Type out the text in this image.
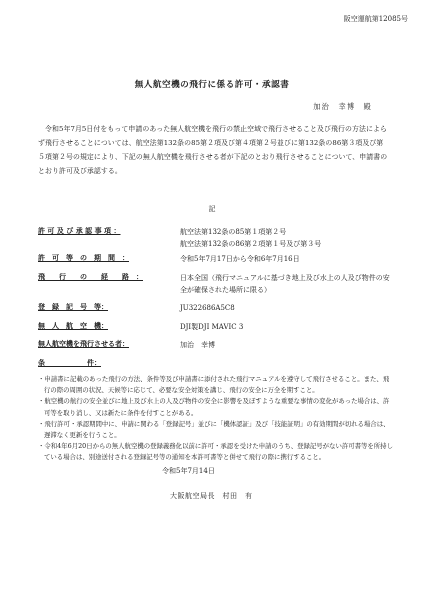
阪空運航第12085号
無人航空機の飛行に係る許可・承認書
加治　幸博　殿
令和5年7月5日付をもって申請のあった無人航空機を飛行の禁止空域で飛行させること及び飛行の方法によらず飛行させることについては、航空法第132条の85第２項及び第４項第２号並びに第132条の86第３項及び第５項第２号の規定により、下記の無人航空機を飛行させる者が下記のとおり飛行させることについて、申請書のとおり許可及び承認する。
記
許 可 及 び 承 認 事 項 ：	航空法第132条の85第１項第２号
航空法第132条の86第２項第１号及び第３号
許　可　等　の　期　間　：	令和5年7月17日から令和6年7月16日
飛　　行　　の　　経　　路　：	日本全国（飛行マニュアルに基づき地上及び水上の人及び物件の安全が確保された場所に限る）
登　録　記　号　等：	JU322686A5C8
無　人　航　空　機：	DJI製DJI MAVIC 3
無人航空機を飛行させる者：	加治　幸博
条　　　　　　件：
・申請書に記載のあった飛行の方法、条件等及び申請書に添付された飛行マニュアルを遵守して飛行させること。また、飛行の際の周囲の状況、天候等に応じて、必要な安全対策を講じ、飛行の安全に万全を期すこと。
・航空機の航行の安全並びに地上及び水上の人及び物件の安全に影響を及ぼすような重要な事情の変化があった場合は、許可等を取り消し、又は新たに条件を付すことがある。
・飛行許可・承認期間中に、申請に関わる「登録記号」並びに「機体認証」及び「技能証明」の有効期間が切れる場合は、遅滞なく更新を行うこと。
・令和4年6月20日からの無人航空機の登録義務化以前に許可・承認を受けた申請のうち、登録記号がない許可書等を所持している場合は、別途送付される登録記号等の通知を本許可書等と併せて飛行の際に携行すること。
令和5年7月14日
大阪航空局長　村田　有
